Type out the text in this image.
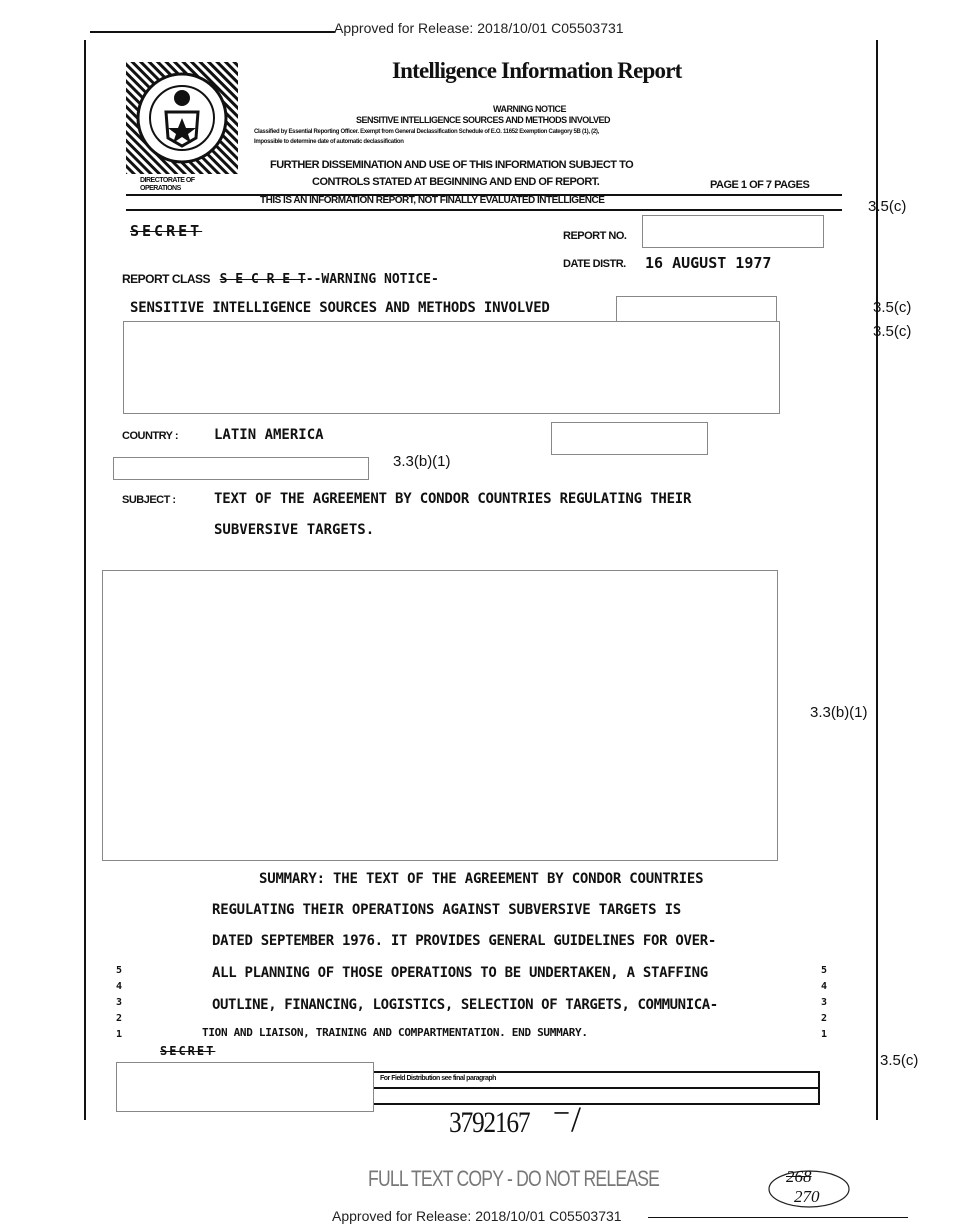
Approved for Release: 2018/10/01 C05503731
DIRECTORATE OF OPERATIONS
Intelligence Information Report
WARNING NOTICE
SENSITIVE INTELLIGENCE SOURCES AND METHODS INVOLVED
Classified by Essential Reporting Officer. Exempt from General Declassification Schedule of E.O. 11652 Exemption Category 5B (1), (2),
Impossible to determine date of automatic declassification
FURTHER DISSEMINATION AND USE OF THIS INFORMATION SUBJECT TO
CONTROLS STATED AT BEGINNING AND END OF REPORT.	PAGE 1 OF 7 PAGES
THIS IS AN INFORMATION REPORT, NOT FINALLY EVALUATED INTELLIGENCE	3.5(c)
SECRET	REPORT NO.
DATE DISTR. 16 AUGUST 1977
REPORT CLASS S E C R E T--WARNING NOTICE-
SENSITIVE INTELLIGENCE SOURCES AND METHODS INVOLVED	3.5(c)
3.5(c)
COUNTRY :	LATIN AMERICA
3.3(b)(1)
SUBJECT :	TEXT OF THE AGREEMENT BY CONDOR COUNTRIES REGULATING THEIR
SUBVERSIVE TARGETS.
3.3(b)(1)
SUMMARY: THE TEXT OF THE AGREEMENT BY CONDOR COUNTRIES
REGULATING THEIR OPERATIONS AGAINST SUBVERSIVE TARGETS IS
DATED SEPTEMBER 1976. IT PROVIDES GENERAL GUIDELINES FOR OVER-
ALL PLANNING OF THOSE OPERATIONS TO BE UNDERTAKEN, A STAFFING
OUTLINE, FINANCING, LOGISTICS, SELECTION OF TARGETS, COMMUNICA-
TION AND LIAISON, TRAINING AND COMPARTMENTATION. END SUMMARY.
5
4
3
2
1
5
4
3
2
1
SECRET
3.5(c)
For Field Distribution see final paragraph
3792167 ⁻/
FULL TEXT COPY - DO NOT RELEASE	268
270
Approved for Release: 2018/10/01 C05503731
